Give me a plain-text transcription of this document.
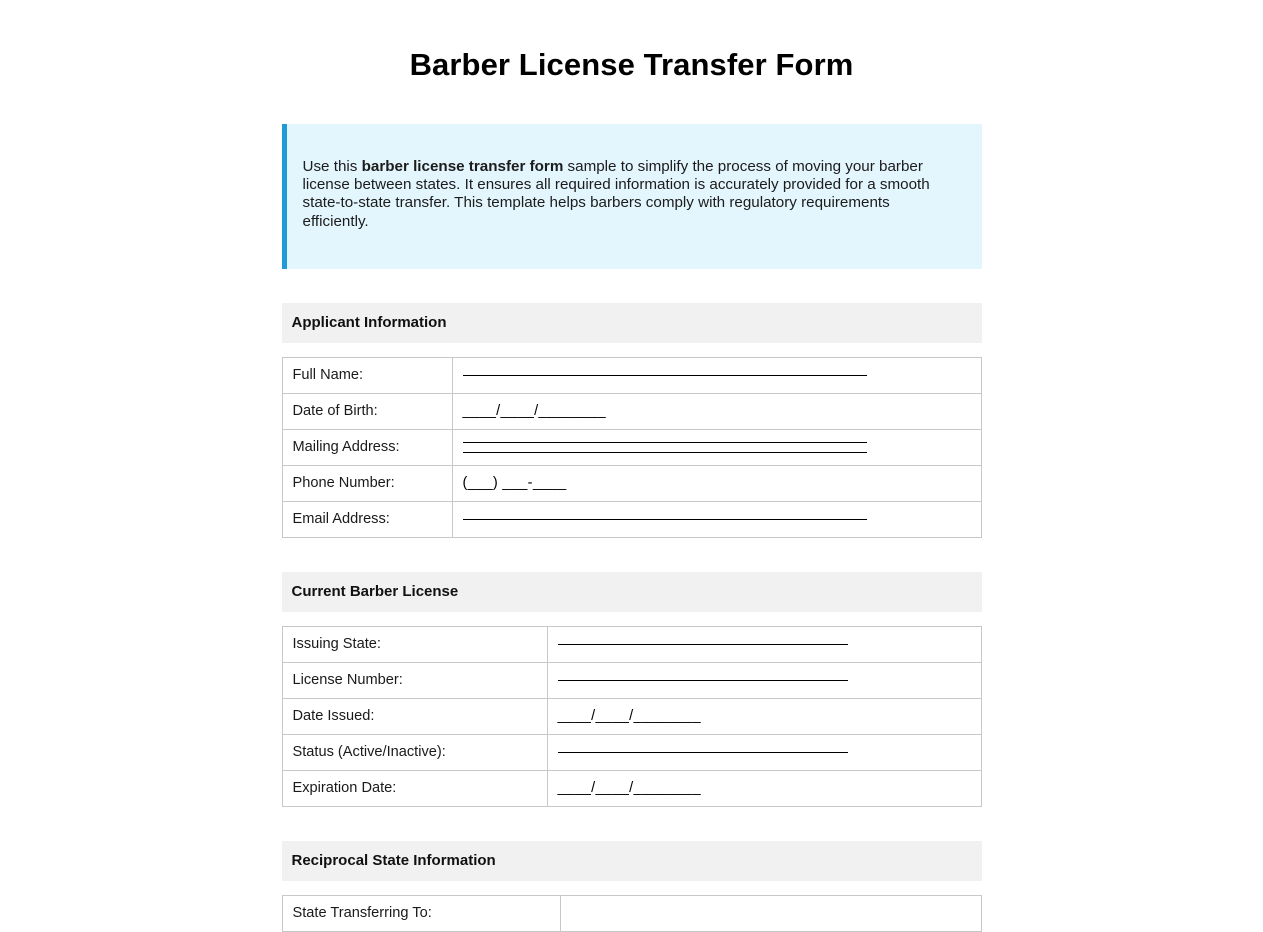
Barber License Transfer Form

Use this barber license transfer form sample to simplify the process of moving your barber license between states. It ensures all required information is accurately provided for a smooth state-to-state transfer. This template helps barbers comply with regulatory requirements efficiently.

Applicant Information
Full Name:	

Date of Birth:	____/____/________
Mailing Address:	

Phone Number:	(___) ___-____
Email Address:	
Current Barber License
Issuing State:	

License Number:	

Date Issued:	____/____/________
Status (Active/Inactive):	

Expiration Date:	____/____/________
Reciprocal State Information
State Transferring To:	
